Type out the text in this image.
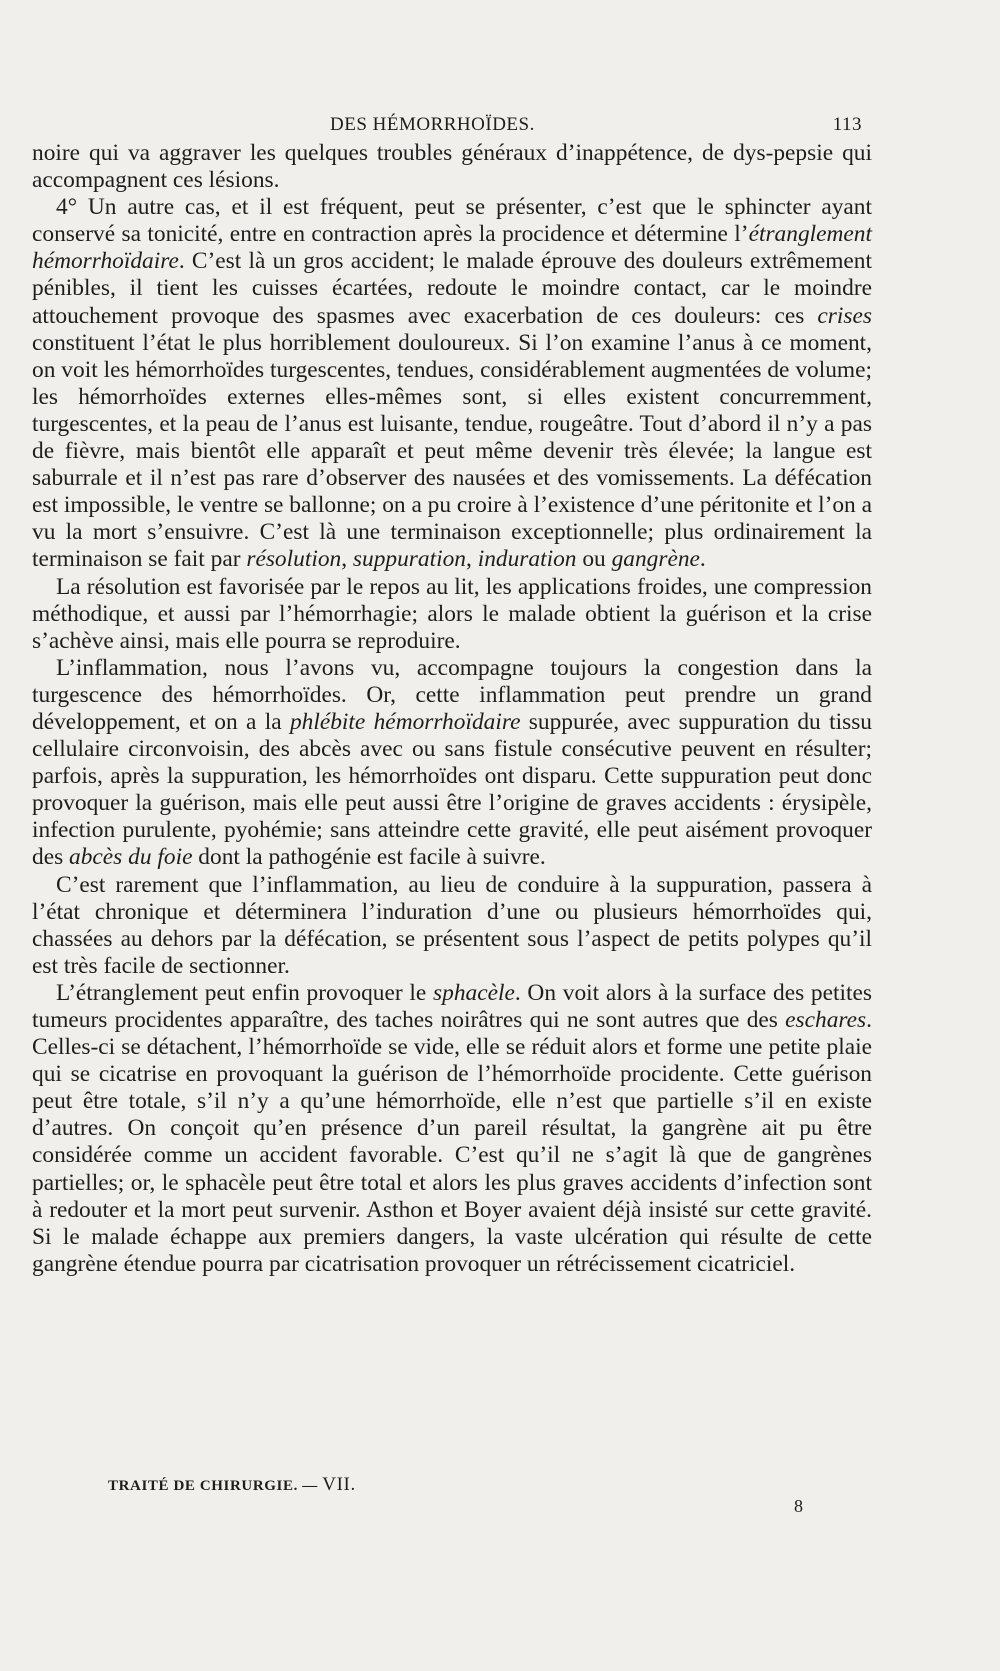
DES HÉMORRHOÏDES.	113

noire qui va aggraver les quelques troubles généraux d’inappétence, de dys-pepsie qui accompagnent ces lésions.

4° Un autre cas, et il est fréquent, peut se présenter, c’est que le sphincter ayant conservé sa tonicité, entre en contraction après la procidence et détermine l’étranglement hémorrhoïdaire. C’est là un gros accident; le malade éprouve des douleurs extrêmement pénibles, il tient les cuisses écartées, redoute le moindre contact, car le moindre attouchement provoque des spasmes avec exacerbation de ces douleurs: ces crises constituent l’état le plus horriblement douloureux. Si l’on examine l’anus à ce moment, on voit les hémorrhoïdes turgescentes, tendues, considérablement augmentées de volume; les hémorrhoïdes externes elles-mêmes sont, si elles existent concurremment, turgescentes, et la peau de l’anus est luisante, tendue, rougeâtre. Tout d’abord il n’y a pas de fièvre, mais bientôt elle apparaît et peut même devenir très élevée; la langue est saburrale et il n’est pas rare d’observer des nausées et des vomissements. La défécation est impossible, le ventre se ballonne; on a pu croire à l’existence d’une péritonite et l’on a vu la mort s’ensuivre. C’est là une terminaison exceptionnelle; plus ordinairement la terminaison se fait par résolution, suppuration, induration ou gangrène.

La résolution est favorisée par le repos au lit, les applications froides, une compression méthodique, et aussi par l’hémorrhagie; alors le malade obtient la guérison et la crise s’achève ainsi, mais elle pourra se reproduire.

L’inflammation, nous l’avons vu, accompagne toujours la congestion dans la turgescence des hémorrhoïdes. Or, cette inflammation peut prendre un grand développement, et on a la phlébite hémorrhoïdaire suppurée, avec suppuration du tissu cellulaire circonvoisin, des abcès avec ou sans fistule consécutive peuvent en résulter; parfois, après la suppuration, les hémorrhoïdes ont disparu. Cette suppuration peut donc provoquer la guérison, mais elle peut aussi être l’origine de graves accidents : érysipèle, infection purulente, pyohémie; sans atteindre cette gravité, elle peut aisément provoquer des abcès du foie dont la pathogénie est facile à suivre.

C’est rarement que l’inflammation, au lieu de conduire à la suppuration, passera à l’état chronique et déterminera l’induration d’une ou plusieurs hémorrhoïdes qui, chassées au dehors par la défécation, se présentent sous l’aspect de petits polypes qu’il est très facile de sectionner.

L’étranglement peut enfin provoquer le sphacèle. On voit alors à la surface des petites tumeurs procidentes apparaître, des taches noirâtres qui ne sont autres que des eschares. Celles-ci se détachent, l’hémorrhoïde se vide, elle se réduit alors et forme une petite plaie qui se cicatrise en provoquant la guérison de l’hémorrhoïde procidente. Cette guérison peut être totale, s’il n’y a qu’une hémorrhoïde, elle n’est que partielle s’il en existe d’autres. On conçoit qu’en présence d’un pareil résultat, la gangrène ait pu être considérée comme un accident favorable. C’est qu’il ne s’agit là que de gangrènes partielles; or, le sphacèle peut être total et alors les plus graves accidents d’infection sont à redouter et la mort peut survenir. Asthon et Boyer avaient déjà insisté sur cette gravité. Si le malade échappe aux premiers dangers, la vaste ulcération qui résulte de cette gangrène étendue pourra par cicatrisation provoquer un rétrécissement cicatriciel.

TRAITÉ DE CHIRURGIE. — VII.
8
